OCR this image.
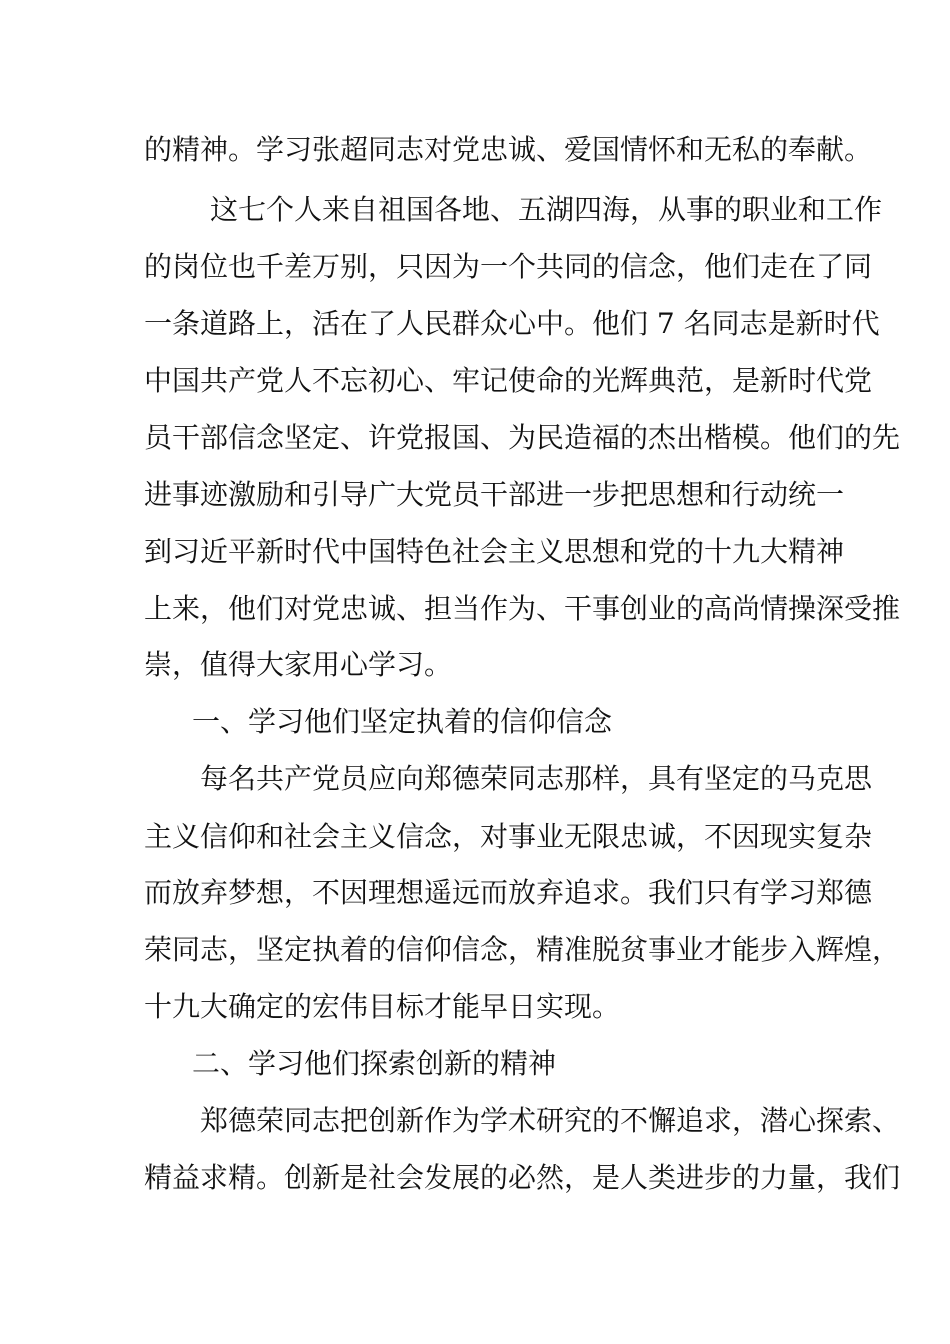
的精神。学习张超同志对党忠诚、爱国情怀和无私的奉献。
这七个人来自祖国各地、五湖四海，从事的职业和工作
的岗位也千差万别，只因为一个共同的信念，他们走在了同
一条道路上，活在了人民群众心中。他们 7 名同志是新时代
中国共产党人不忘初心、牢记使命的光辉典范，是新时代党
员干部信念坚定、许党报国、为民造福的杰出楷模。他们的先
进事迹激励和引导广大党员干部进一步把思想和行动统一
到习近平新时代中国特色社会主义思想和党的十九大精神
上来，他们对党忠诚、担当作为、干事创业的高尚情操深受推
崇，值得大家用心学习。
一、学习他们坚定执着的信仰信念
每名共产党员应向郑德荣同志那样，具有坚定的马克思
主义信仰和社会主义信念，对事业无限忠诚，不因现实复杂
而放弃梦想，不因理想遥远而放弃追求。我们只有学习郑德
荣同志，坚定执着的信仰信念，精准脱贫事业才能步入辉煌，
十九大确定的宏伟目标才能早日实现。
二、学习他们探索创新的精神
郑德荣同志把创新作为学术研究的不懈追求，潜心探索、
精益求精。创新是社会发展的必然，是人类进步的力量，我们
